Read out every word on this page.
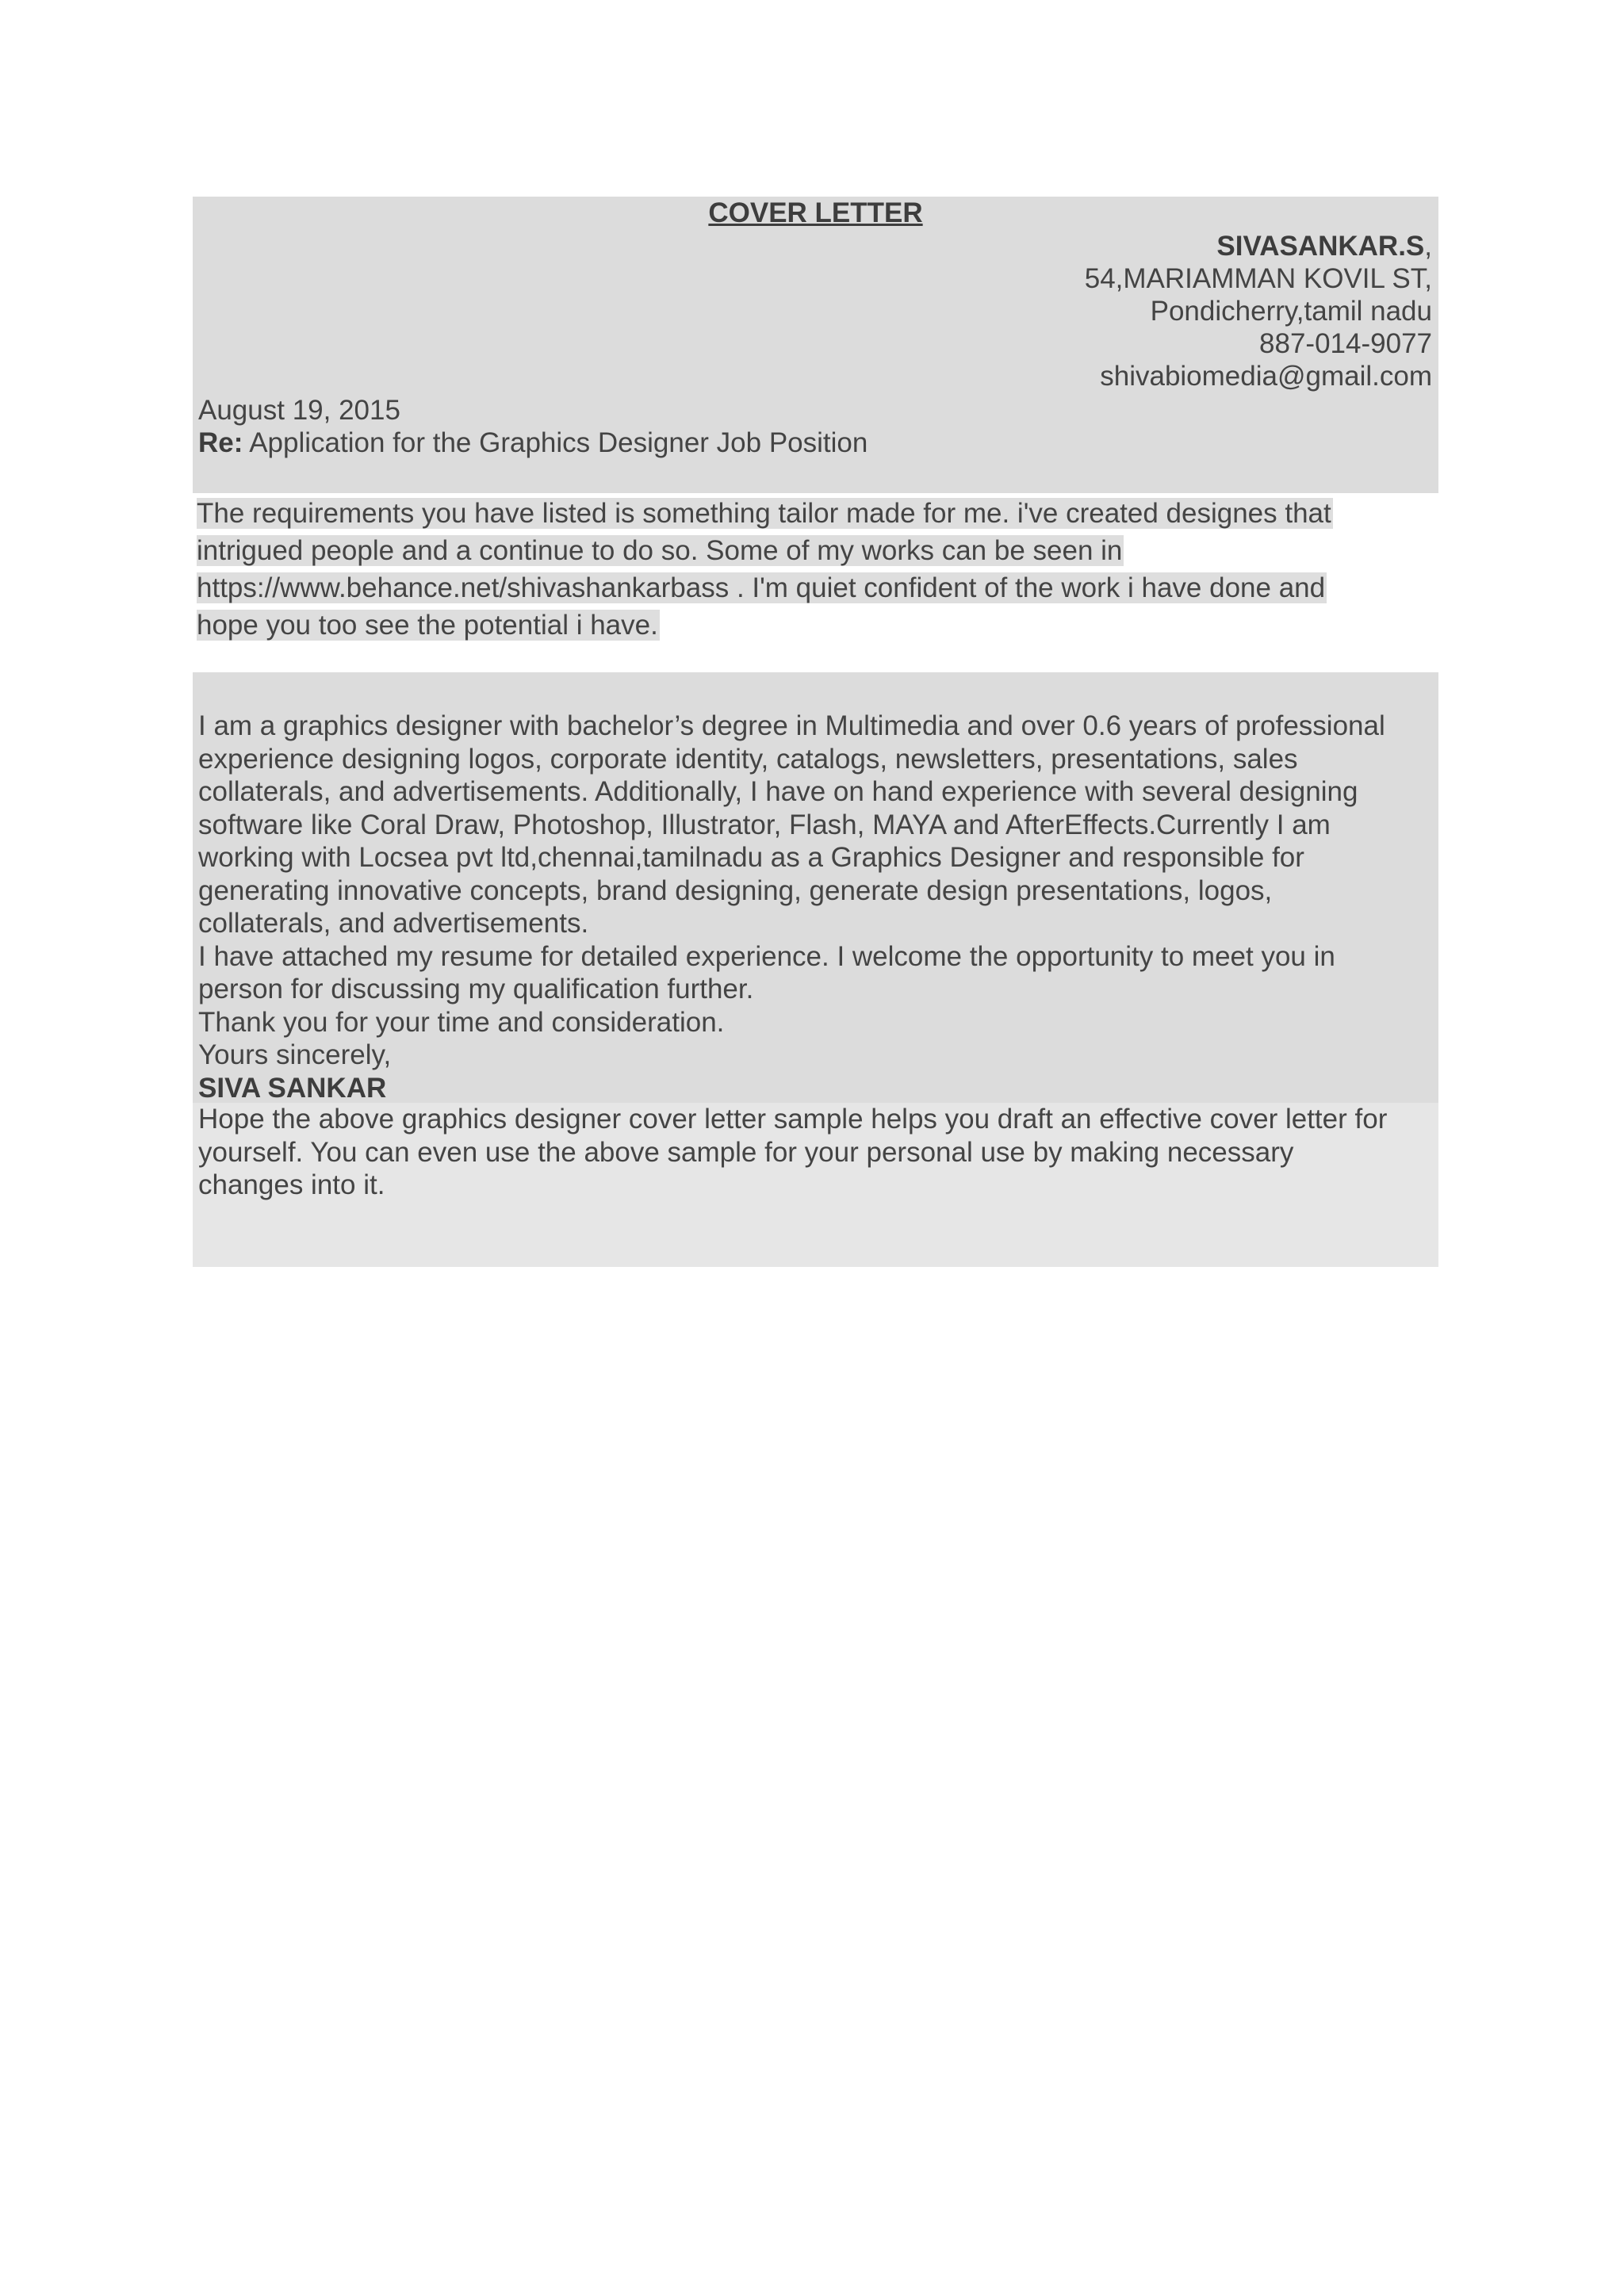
COVER LETTER
SIVASANKAR.S,
54,MARIAMMAN KOVIL ST,
Pondicherry,tamil nadu
887-014-9077
shivabiomedia@gmail.com
August 19, 2015
Re: Application for the Graphics Designer Job Position
The requirements you have listed is something tailor made for me. i've created designes that
intrigued people and a continue to do so. Some of my works can be seen in
https://www.behance.net/shivashankarbass . I'm quiet confident of the work i have done and
hope you too see the potential i have.
I am a graphics designer with bachelor’s degree in Multimedia and over 0.6 years of professional
experience designing logos, corporate identity, catalogs, newsletters, presentations, sales
collaterals, and advertisements. Additionally, I have on hand experience with several designing
software like Coral Draw, Photoshop, Illustrator, Flash, MAYA and AfterEffects.Currently I am
working with Locsea pvt ltd,chennai,tamilnadu as a Graphics Designer and responsible for
generating innovative concepts, brand designing, generate design presentations, logos,
collaterals, and advertisements.
I have attached my resume for detailed experience. I welcome the opportunity to meet you in
person for discussing my qualification further.
Thank you for your time and consideration.
Yours sincerely,
SIVA SANKAR
Hope the above graphics designer cover letter sample helps you draft an effective cover letter for
yourself. You can even use the above sample for your personal use by making necessary
changes into it.
